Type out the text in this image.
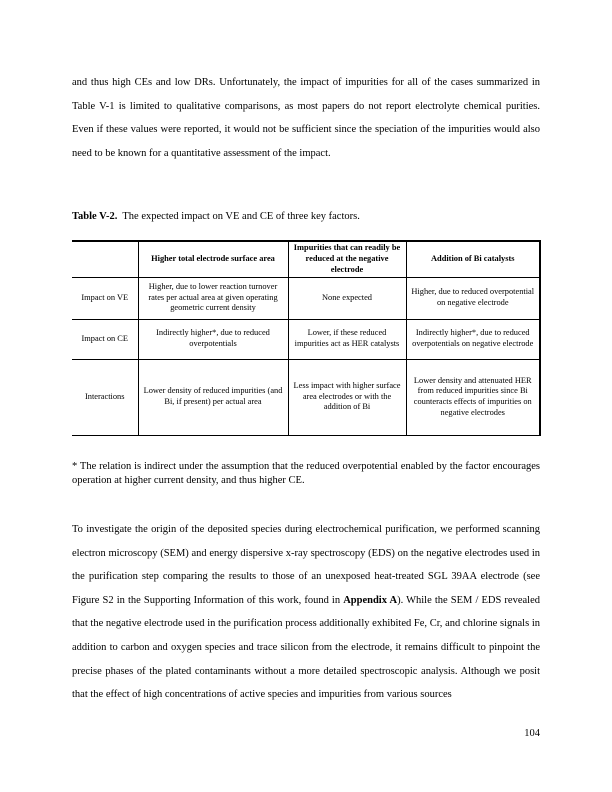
and thus high CEs and low DRs. Unfortunately, the impact of impurities for all of the cases summarized in Table V-1 is limited to qualitative comparisons, as most papers do not report electrolyte chemical purities. Even if these values were reported, it would not be sufficient since the speciation of the impurities would also need to be known for a quantitative assessment of the impact.

Table V-2. The expected impact on VE and CE of three key factors.

	Higher total electrode surface area	Impurities that can readily be reduced at the negative electrode	Addition of Bi catalysts
Impact on VE	Higher, due to lower reaction turnover rates per actual area at given operating geometric current density	None expected	Higher, due to reduced overpotential on negative electrode
Impact on CE	Indirectly higher*, due to reduced overpotentials	Lower, if these reduced impurities act as HER catalysts	Indirectly higher*, due to reduced overpotentials on negative electrode
Interactions	Lower density of reduced impurities (and Bi, if present) per actual area	Less impact with higher surface area electrodes or with the addition of Bi	Lower density and attenuated HER from reduced impurities since Bi counteracts effects of impurities on negative electrodes

* The relation is indirect under the assumption that the reduced overpotential enabled by the factor encourages operation at higher current density, and thus higher CE.

To investigate the origin of the deposited species during electrochemical purification, we performed scanning electron microscopy (SEM) and energy dispersive x-ray spectroscopy (EDS) on the negative electrodes used in the purification step comparing the results to those of an unexposed heat-treated SGL 39AA electrode (see Figure S2 in the Supporting Information of this work, found in Appendix A). While the SEM / EDS revealed that the negative electrode used in the purification process additionally exhibited Fe, Cr, and chlorine signals in addition to carbon and oxygen species and trace silicon from the electrode, it remains difficult to pinpoint the precise phases of the plated contaminants without a more detailed spectroscopic analysis. Although we posit that the effect of high concentrations of active species and impurities from various sources

104
